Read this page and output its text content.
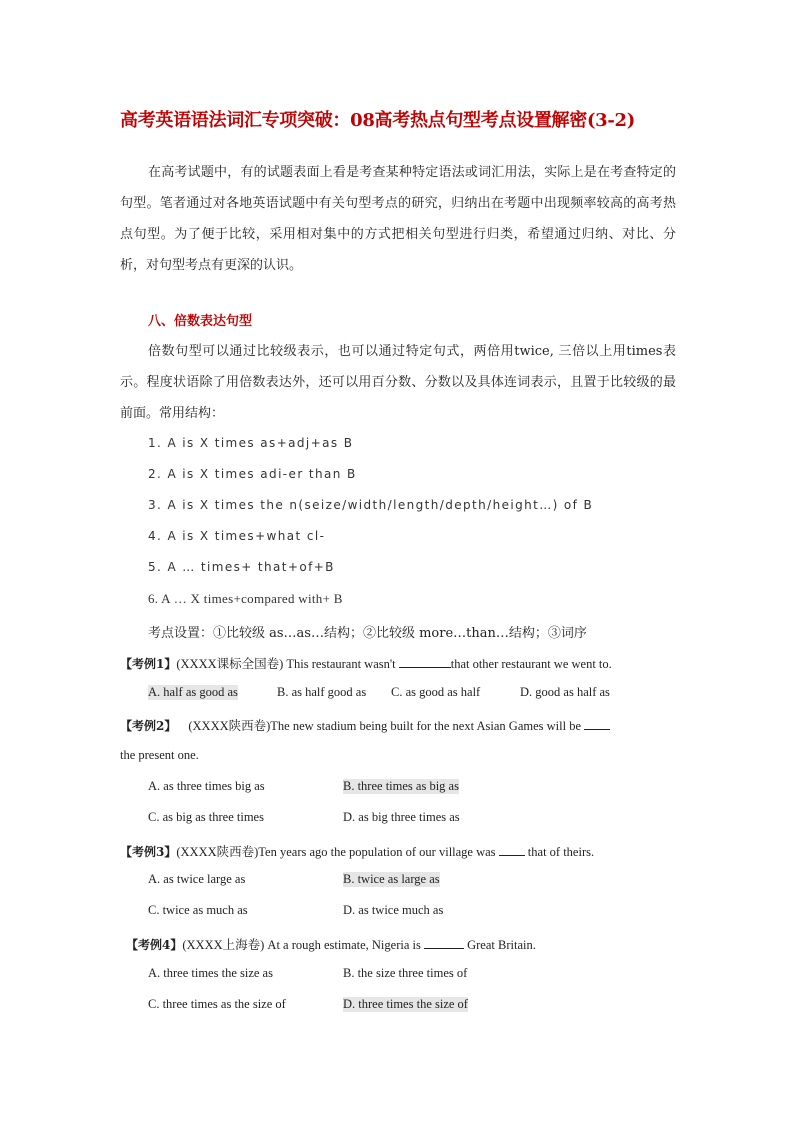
高考英语语法词汇专项突破：08高考热点句型考点设置解密(3-2)
在高考试题中，有的试题表面上看是考查某种特定语法或词汇用法，实际上是在考查特定的句型。笔者通过对各地英语试题中有关句型考点的研究，归纳出在考题中出现频率较高的高考热点句型。为了便于比较，采用相对集中的方式把相关句型进行归类，希望通过归纳、对比、分析，对句型考点有更深的认识。
八、倍数表达句型
倍数句型可以通过比较级表示，也可以通过特定句式，两倍用twice, 三倍以上用times表示。程度状语除了用倍数表达外，还可以用百分数、分数以及具体连词表示，且置于比较级的最前面。常用结构：
1. A is X times as+adj+as B
2. A is X times adi-er than B
3. A is X times the n(seize/width/length/depth/height…) of B
4. A is X times+what cl-
5. A … times+ that+of+B
6. A … X times+compared with+ B
考点设置：①比较级 as…as…结构；②比较级 more…than…结构；③词序
【考例1】(XXXX课标全国卷) This restaurant wasn't	that other restaurant we went to.
A. half as good as	B. as half good as C. as good as half	D. good as half as
【考例2】 (XXXX陕西卷)The new stadium being built for the next Asian Games will be
the present one.
A. as three times big as	B. three times as big as
C. as big as three times	D. as big three times as
【考例3】(XXXX陕西卷)Ten years ago the population of our village was  that of theirs.
A. as twice large as	B. twice as large as
C. twice as much as	D. as twice much as
【考例4】(XXXX上海卷) At a rough estimate, Nigeria is	Great Britain.
A. three times the size as	B. the size three times of
C. three times as the size of	D. three times the size of
